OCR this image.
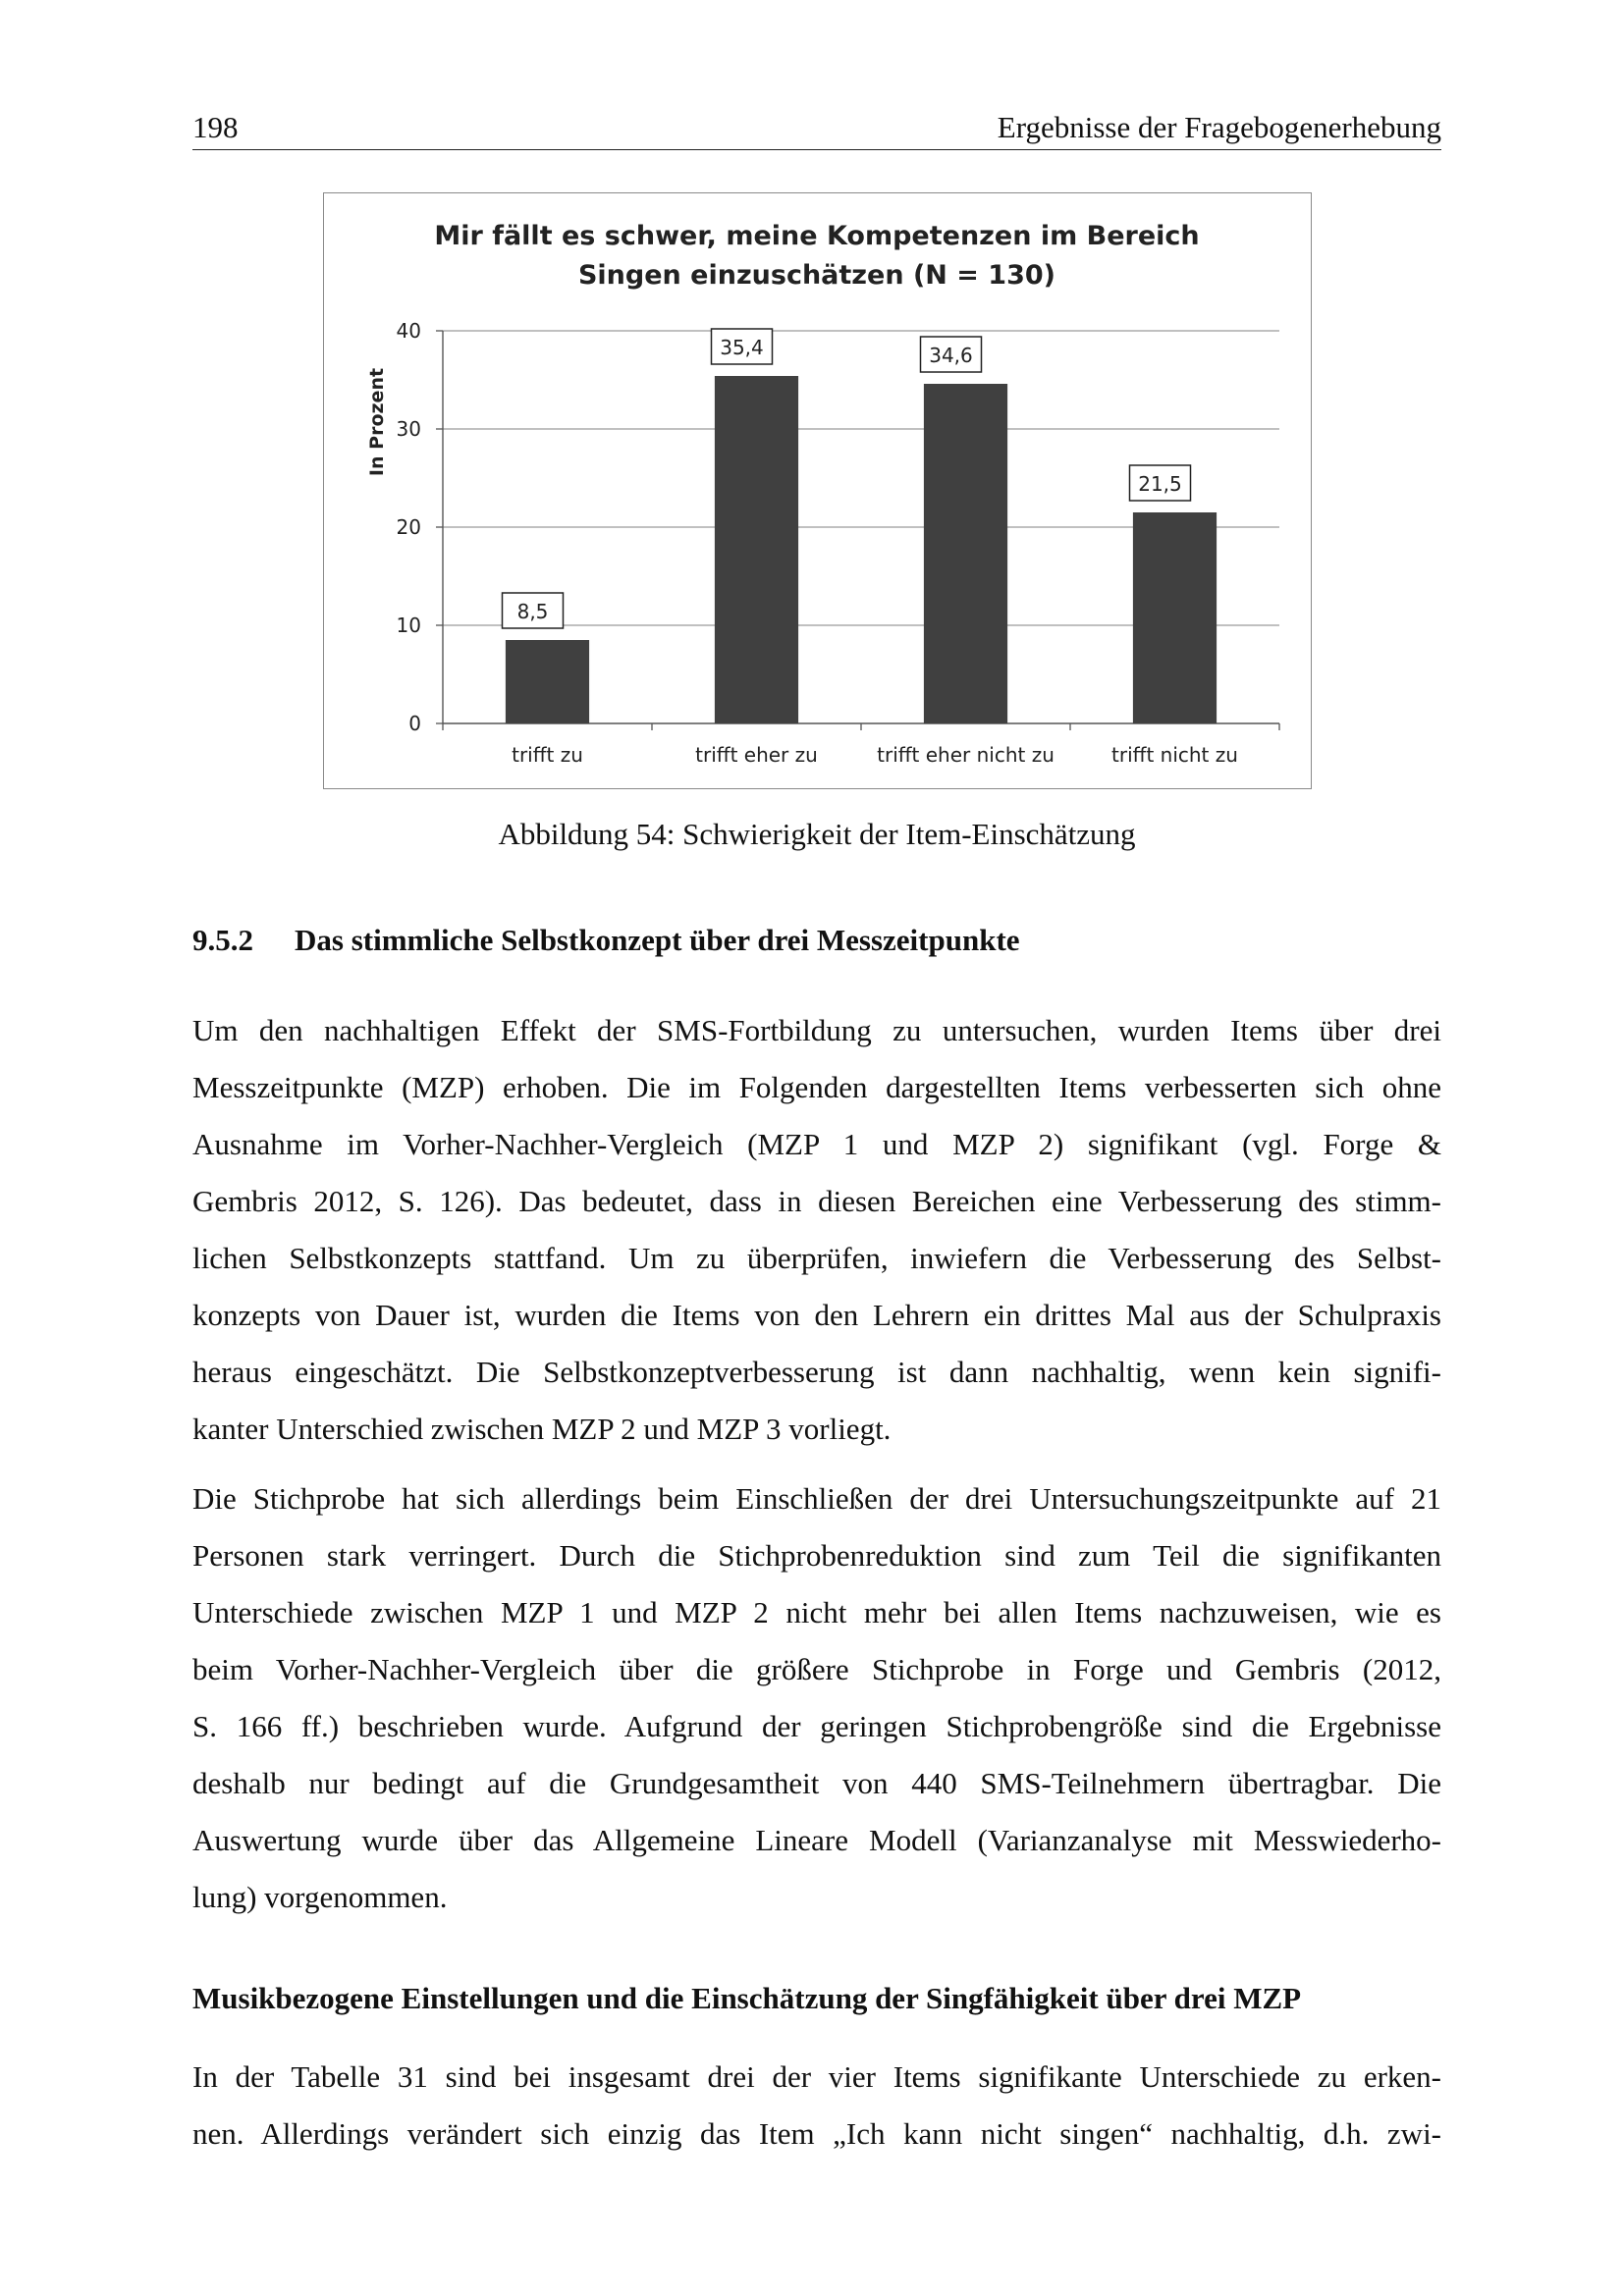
198	Ergebnisse der Fragebogenerhebung
Mir fällt es schwer, meine Kompetenzen im Bereich
Singen einzuschätzen (N = 130)
In Prozent
0
10
20
30
40
8,5
trifft zu
35,4
trifft eher zu
34,6
trifft eher nicht zu
21,5
trifft nicht zu
Abbildung 54: Schwierigkeit der Item-Einschätzung
9.5.2 Das stimmliche Selbstkonzept über drei Messzeitpunkte
Um den nachhaltigen Effekt der SMS-Fortbildung zu untersuchen, wurden Items über drei
Messzeitpunkte (MZP) erhoben. Die im Folgenden dargestellten Items verbesserten sich ohne
Ausnahme im Vorher-Nachher-Vergleich (MZP 1 und MZP 2) signifikant (vgl. Forge &
Gembris 2012, S. 126). Das bedeutet, dass in diesen Bereichen eine Verbesserung des stimm-
lichen Selbstkonzepts stattfand. Um zu überprüfen, inwiefern die Verbesserung des Selbst-
konzepts von Dauer ist, wurden die Items von den Lehrern ein drittes Mal aus der Schulpraxis
heraus eingeschätzt. Die Selbstkonzeptverbesserung ist dann nachhaltig, wenn kein signifi-
kanter Unterschied zwischen MZP 2 und MZP 3 vorliegt.
Die Stichprobe hat sich allerdings beim Einschließen der drei Untersuchungszeitpunkte auf 21
Personen stark verringert. Durch die Stichprobenreduktion sind zum Teil die signifikanten
Unterschiede zwischen MZP 1 und MZP 2 nicht mehr bei allen Items nachzuweisen, wie es
beim Vorher-Nachher-Vergleich über die größere Stichprobe in Forge und Gembris (2012,
S. 166 ff.) beschrieben wurde. Aufgrund der geringen Stichprobengröße sind die Ergebnisse
deshalb nur bedingt auf die Grundgesamtheit von 440 SMS-Teilnehmern übertragbar. Die
Auswertung wurde über das Allgemeine Lineare Modell (Varianzanalyse mit Messwiederho-
lung) vorgenommen.
Musikbezogene Einstellungen und die Einschätzung der Singfähigkeit über drei MZP
In der Tabelle 31 sind bei insgesamt drei der vier Items signifikante Unterschiede zu erken-
nen. Allerdings verändert sich einzig das Item „Ich kann nicht singen“ nachhaltig, d.h. zwi-
